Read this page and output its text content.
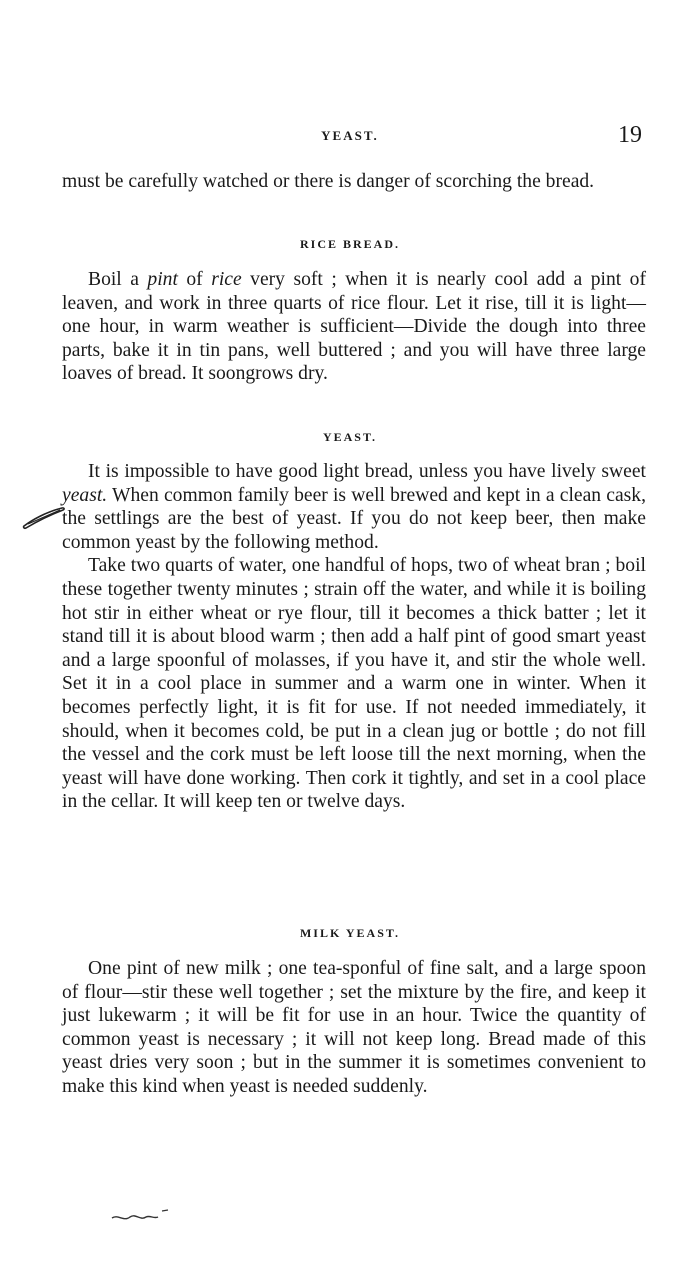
YEAST.	19

must be carefully watched or there is danger of scorching the bread.

RICE BREAD.

Boil a pint of rice very soft ; when it is nearly cool add a pint of leaven, and work in three quarts of rice flour. Let it rise, till it is light—one hour, in warm weather is sufficient—Divide the dough into three parts, bake it in tin pans, well buttered ; and you will have three large loaves of bread. It soongrows dry.

YEAST.

It is impossible to have good light bread, unless you have lively sweet yeast. When common family beer is well brewed and kept in a clean cask, the settlings are the best of yeast. If you do not keep beer, then make common yeast by the following method.

Take two quarts of water, one handful of hops, two of wheat bran ; boil these together twenty minutes ; strain off the water, and while it is boiling hot stir in either wheat or rye flour, till it becomes a thick batter ; let it stand till it is about blood warm ; then add a half pint of good smart yeast and a large spoonful of molasses, if you have it, and stir the whole well. Set it in a cool place in summer and a warm one in winter. When it becomes perfectly light, it is fit for use. If not needed immediately, it should, when it becomes cold, be put in a clean jug or bottle ; do not fill the vessel and the cork must be left loose till the next morning, when the yeast will have done working. Then cork it tightly, and set in a cool place in the cellar. It will keep ten or twelve days.

MILK YEAST.

One pint of new milk ; one tea-sponful of fine salt, and a large spoon of flour—stir these well together ; set the mixture by the fire, and keep it just lukewarm ; it will be fit for use in an hour. Twice the quantity of common yeast is necessary ; it will not keep long. Bread made of this yeast dries very soon ; but in the summer it is sometimes convenient to make this kind when yeast is needed suddenly.
